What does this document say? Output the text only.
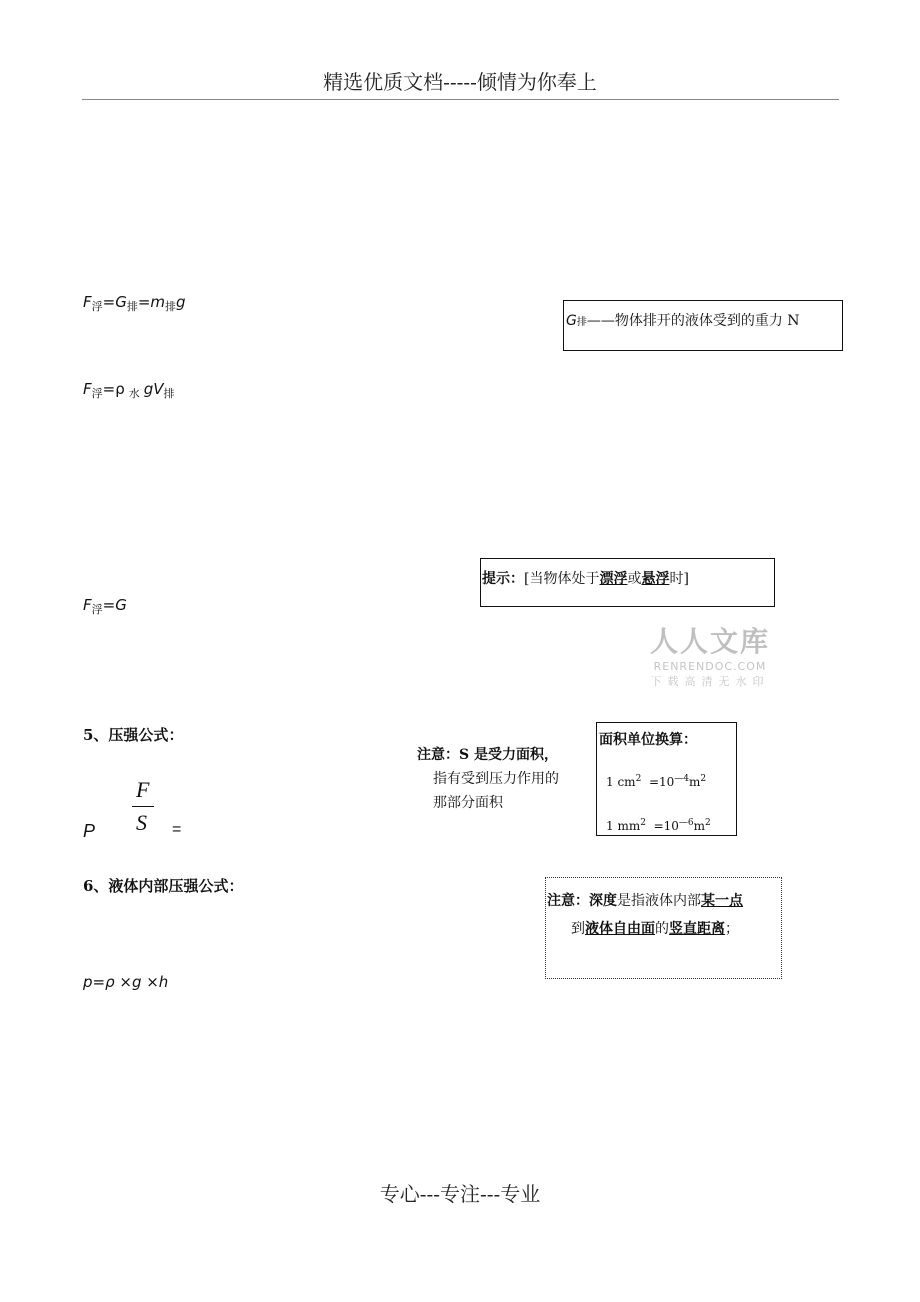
精选优质文档-----倾情为你奉上
$F_浮=G_排=m_排g$
G排——物体排开的液体受到的重力 N
$F_浮=\rho$ $_水$ $gV_排$
提示：[当物体处于漂浮或悬浮时]
$F_浮=G$
人人文库
RENRENDOC.COM
下载高清无水印
5、压强公式：
注意：S 是受力面积，
指有受到压力作用的
那部分面积
面积单位换算：
1 $cm^2 =10^{—4}m^2$
1 $mm^2 =10^{—6}m^2$
F
S
P	=
6、液体内部压强公式：
注意：深度是指液体内部某一点
到液体自由面的竖直距离；
p=ρ ×g ×h
专心---专注---专业
